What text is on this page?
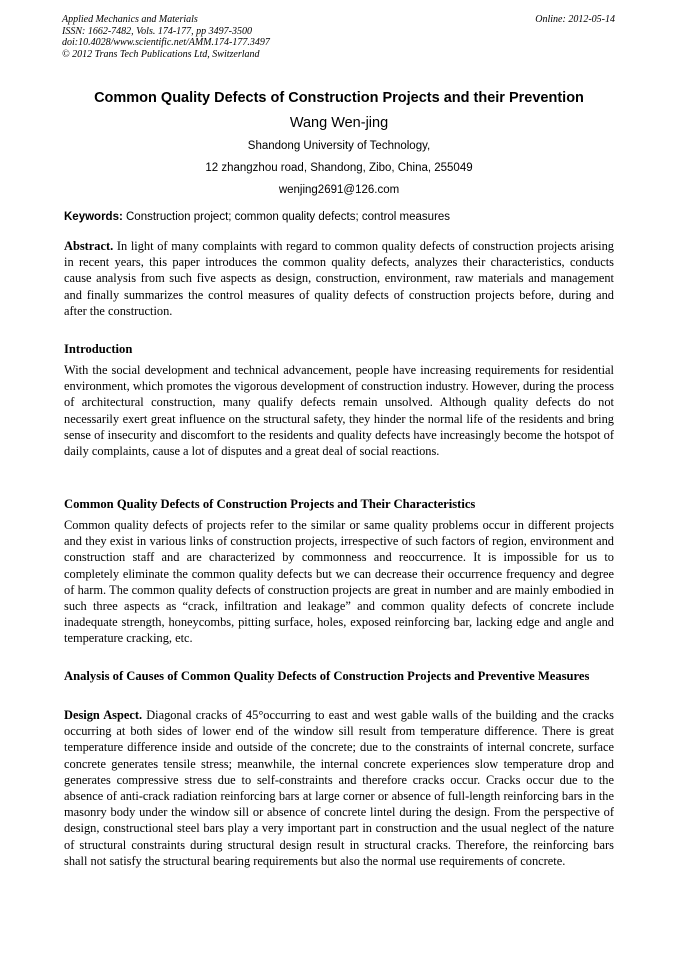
Applied Mechanics and Materials
ISSN: 1662-7482, Vols. 174-177, pp 3497-3500
doi:10.4028/www.scientific.net/AMM.174-177.3497
© 2012 Trans Tech Publications Ltd, Switzerland
Online: 2012-05-14
Common Quality Defects of Construction Projects and their Prevention
Wang Wen-jing
Shandong University of Technology,
12 zhangzhou road, Shandong, Zibo, China, 255049
wenjing2691@126.com
Keywords: Construction project; common quality defects; control measures
Abstract. In light of many complaints with regard to common quality defects of construction projects arising in recent years, this paper introduces the common quality defects, analyzes their characteristics, conducts cause analysis from such five aspects as design, construction, environment, raw materials and management and finally summarizes the control measures of quality defects of construction projects before, during and after the construction.
Introduction
With the social development and technical advancement, people have increasing requirements for residential environment, which promotes the vigorous development of construction industry. However, during the process of architectural construction, many qualify defects remain unsolved. Although quality defects do not necessarily exert great influence on the structural safety, they hinder the normal life of the residents and bring sense of insecurity and discomfort to the residents and quality defects have increasingly become the hotspot of daily complaints, cause a lot of disputes and a great deal of social reactions.
Common Quality Defects of Construction Projects and Their Characteristics
Common quality defects of projects refer to the similar or same quality problems occur in different projects and they exist in various links of construction projects, irrespective of such factors of region, environment and construction staff and are characterized by commonness and reoccurrence. It is impossible for us to completely eliminate the common quality defects but we can decrease their occurrence frequency and degree of harm. The common quality defects of construction projects are great in number and are mainly embodied in such three aspects as “crack, infiltration and leakage” and common quality defects of concrete include inadequate strength, honeycombs, pitting surface, holes, exposed reinforcing bar, lacking edge and angle and temperature cracking, etc.
Analysis of Causes of Common Quality Defects of Construction Projects and Preventive Measures
Design Aspect. Diagonal cracks of 45°occurring to east and west gable walls of the building and the cracks occurring at both sides of lower end of the window sill result from temperature difference. There is great temperature difference inside and outside of the concrete; due to the constraints of internal concrete, surface concrete generates tensile stress; meanwhile, the internal concrete experiences slow temperature drop and generates compressive stress due to self-constraints and therefore cracks occur. Cracks occur due to the absence of anti-crack radiation reinforcing bars at large corner or absence of full-length reinforcing bars in the masonry body under the window sill or absence of concrete lintel during the design. From the perspective of design, constructional steel bars play a very important part in construction and the usual neglect of the nature of structural constraints during structural design result in structural cracks. Therefore, the reinforcing bars shall not satisfy the structural bearing requirements but also the normal use requirements of concrete.
